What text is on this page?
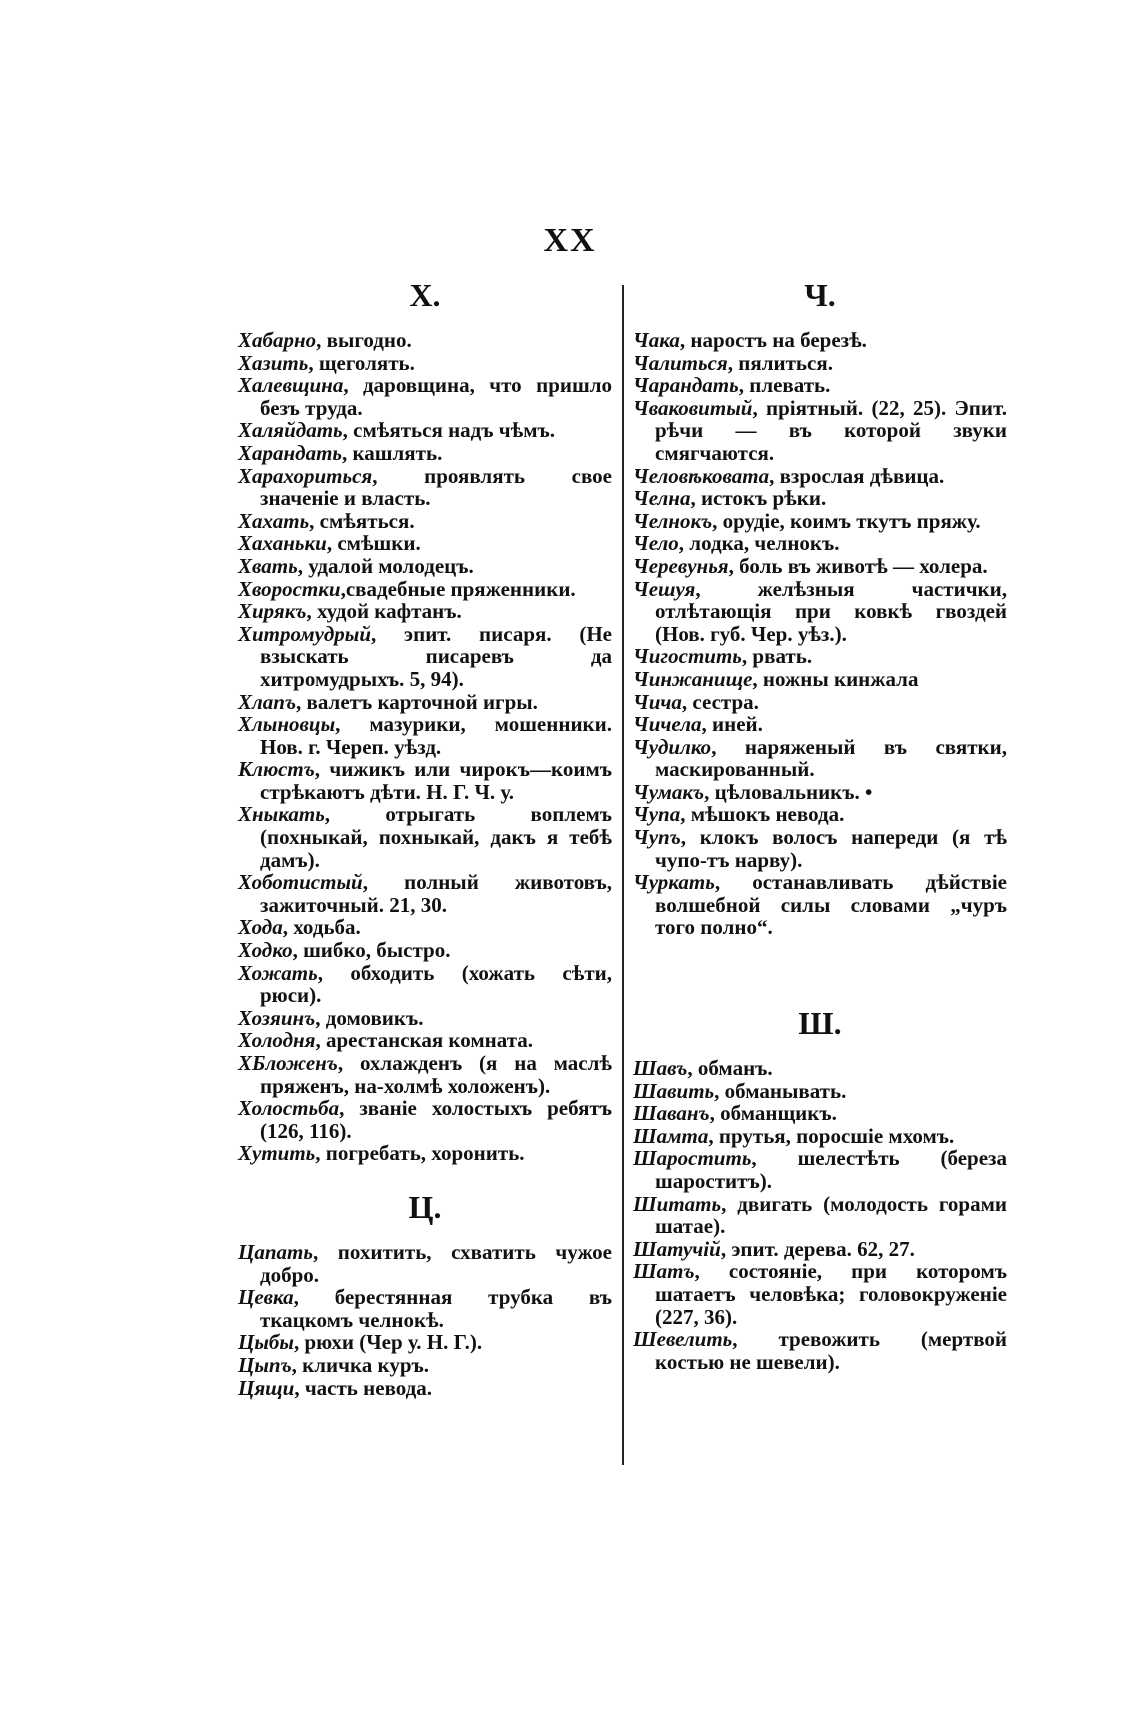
XX
Х.

Хабарно, выгодно.

Хазить, щеголять.

Халевщина, даровщина, что пришло безъ труда.

Халяйдать, смѣяться надъ чѣмъ.

Харандать, кашлять.

Харахориться, проявлять свое значенiе и власть.

Хахать, смѣяться.

Хаханьки, смѣшки.

Хвать, удалой молодецъ.

Хворостки,свадебные пряженники.

Хирякъ, худой кафтанъ.

Хитромудрый, эпит. писаря. (Не взыскать писаревъ да хитромудрыхъ. 5, 94).

Хлапъ, валетъ карточной игры.

Хлыновцы, мазурики, мошенники. Нов. г. Череп. уѣзд.

Клюстъ, чижикъ или чирокъ—коимъ стрѣкаютъ дѣти. Н. Г. Ч. у.

Хныкать, отрыгать воплемъ (похныкай, похныкай, дакъ я тебѣ дамъ).

Хоботистый, полный животовъ, зажиточный. 21, 30.

Хода, ходьба.

Ходко, шибко, быстро.

Хожать, обходить (хожать сѣти, рюси).

Хозяинъ, домовикъ.

Холодня, арестанская комната.

ХБложенъ, охлажденъ (я на маслѣ пряженъ, на-холмѣ холоженъ).

Холостьба, званiе холостыхъ ребятъ (126, 116).

Хутить, погребать, хоронить.

Ц.

Цапать, похитить, схватить чужое добро.

Цевка, берестянная трубка въ ткацкомъ челнокѣ.

Цыбы, рюхи (Чер у. Н. Г.).

Цыпъ, кличка куръ.

Цящи, часть невода.

Ч.

Чака, наростъ на березѣ.

Чалиться, пялиться.

Чарандать, плевать.

Чваковитый, прiятный. (22, 25). Эпит. рѣчи — въ которой звуки смягчаются.

Человѣковата, взрослая дѣвица.

Челна, истокъ рѣки.

Челнокъ, орудiе, коимъ ткутъ пряжу.

Чело, лодка, челнокъ.

Черевунья, боль въ животѣ — холера.

Чешуя, желѣзныя частички, отлѣтающiя при ковкѣ гвоздей (Нов. губ. Чер. уѣз.).

Чигостить, рвать.

Чинжанище, ножны кинжала

Чича, сестра.

Чичела, иней.

Чудилко, наряженый въ святки, маскированный.

Чумакъ, цѣловальникъ. •

Чупа, мѣшокъ невода.

Чупъ, клокъ волосъ напереди (я тѣ чупо-тъ нарву).

Чуркать, останавливать дѣйствiе волшебной силы словами „чуръ того полно“.

Ш.

Шавъ, обманъ.

Шавить, обманывать.

Шаванъ, обманщикъ.

Шамта, прутья, поросшiе мхомъ.

Шаростить, шелестѣть (береза шароститъ).

Шитать, двигать (молодость горами шатае).

Шатучiй, эпит. дерева. 62, 27.

Шатъ, состоянiе, при которомъ шатаетъ человѣка; головокруженiе (227, 36).

Шевелить, тревожить (мертвой костью не шевели).
